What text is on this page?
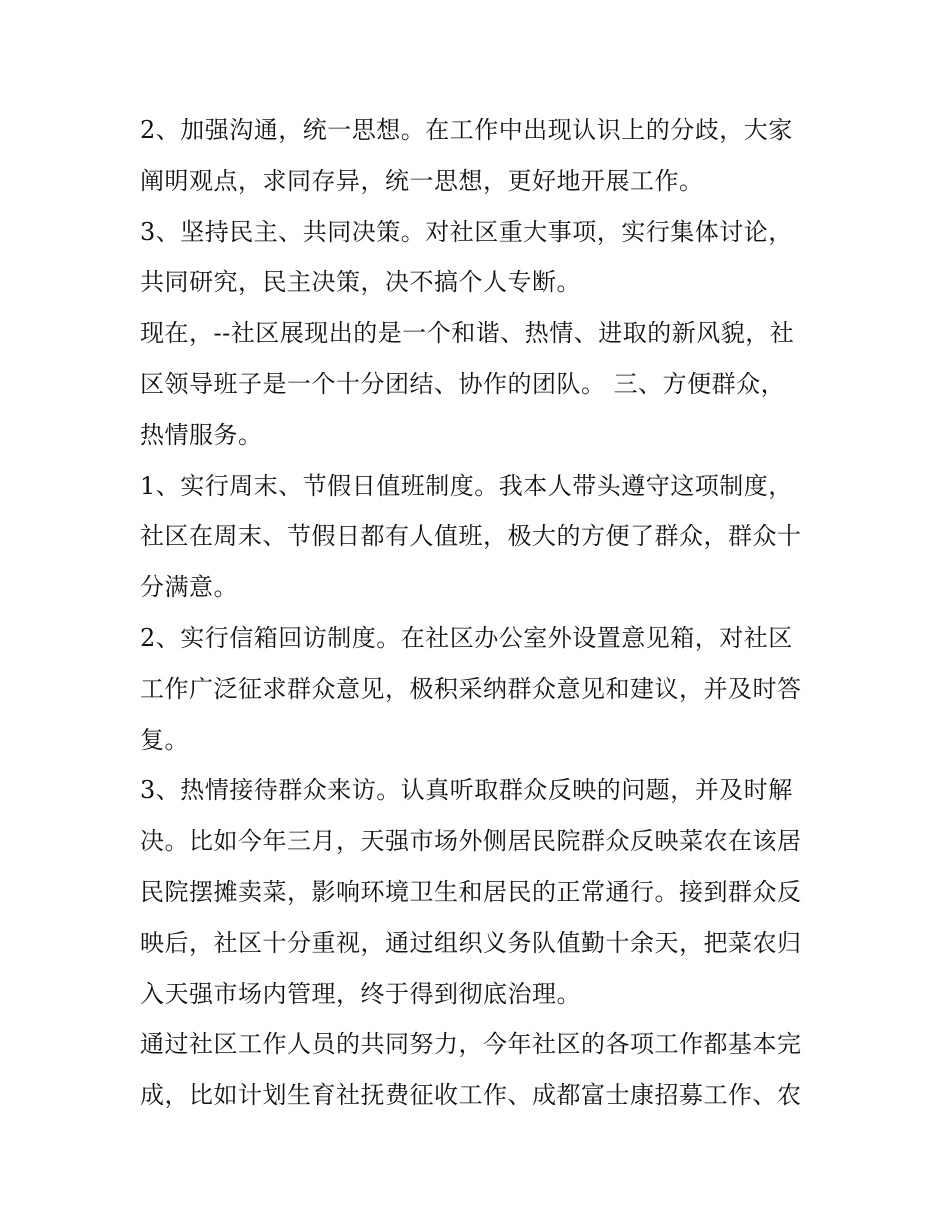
2、加强沟通，统一思想。在工作中出现认识上的分歧，大家
阐明观点，求同存异，统一思想，更好地开展工作。

3、坚持民主、共同决策。对社区重大事项，实行集体讨论，
共同研究，民主决策，决不搞个人专断。

现在，--社区展现出的是一个和谐、热情、进取的新风貌，社
区领导班子是一个十分团结、协作的团队。 三、方便群众，
热情服务。

1、实行周末、节假日值班制度。我本人带头遵守这项制度，
社区在周末、节假日都有人值班，极大的方便了群众，群众十
分满意。

2、实行信箱回访制度。在社区办公室外设置意见箱，对社区
工作广泛征求群众意见，极积采纳群众意见和建议，并及时答
复。

3、热情接待群众来访。认真听取群众反映的问题，并及时解
决。比如今年三月，天强市场外侧居民院群众反映菜农在该居
民院摆摊卖菜，影响环境卫生和居民的正常通行。接到群众反
映后，社区十分重视，通过组织义务队值勤十余天，把菜农归
入天强市场内管理，终于得到彻底治理。

通过社区工作人员的共同努力，今年社区的各项工作都基本完
成，比如计划生育社抚费征收工作、成都富士康招募工作、农
